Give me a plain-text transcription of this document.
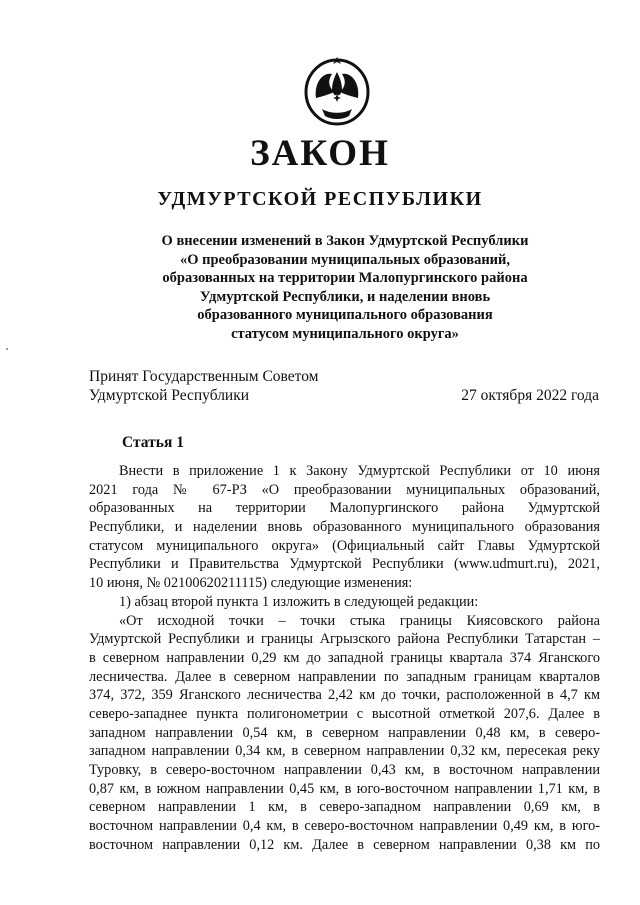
ЗАКОН
УДМУРТСКОЙ РЕСПУБЛИКИ
О внесении изменений в Закон Удмуртской Республики
«О преобразовании муниципальных образований,
образованных на территории Малопургинского района
Удмуртской Республики, и наделении вновь
образованного муниципального образования
статусом муниципального округа»
Принят Государственным Советом
Удмуртской Республики	27 октября 2022 года
Статья 1
Внести в приложение 1 к Закону Удмуртской Республики от 10 июня
2021 года № 67-РЗ «О преобразовании муниципальных образований,
образованных на территории Малопургинского района Удмуртской
Республики, и наделении вновь образованного муниципального образования
статусом муниципального округа» (Официальный сайт Главы Удмуртской
Республики и Правительства Удмуртской Республики (www.udmurt.ru), 2021,
10 июня, № 02100620211115) следующие изменения:
1) абзац второй пункта 1 изложить в следующей редакции:
«От исходной точки – точки стыка границы Киясовского района
Удмуртской Республики и границы Агрызского района Республики Татарстан –
в северном направлении 0,29 км до западной границы квартала 374 Яганского
лесничества. Далее в северном направлении по западным границам кварталов
374, 372, 359 Яганского лесничества 2,42 км до точки, расположенной в 4,7 км
северо-западнее пункта полигонометрии с высотной отметкой 207,6. Далее в
западном направлении 0,54 км, в северном направлении 0,48 км, в северо-
западном направлении 0,34 км, в северном направлении 0,32 км, пересекая реку
Туровку, в северо-восточном направлении 0,43 км, в восточном направлении
0,87 км, в южном направлении 0,45 км, в юго-восточном направлении 1,71 км, в
северном направлении 1 км, в северо-западном направлении 0,69 км, в
восточном направлении 0,4 км, в северо-восточном направлении 0,49 км, в юго-
восточном направлении 0,12 км. Далее в северном направлении 0,38 км по
